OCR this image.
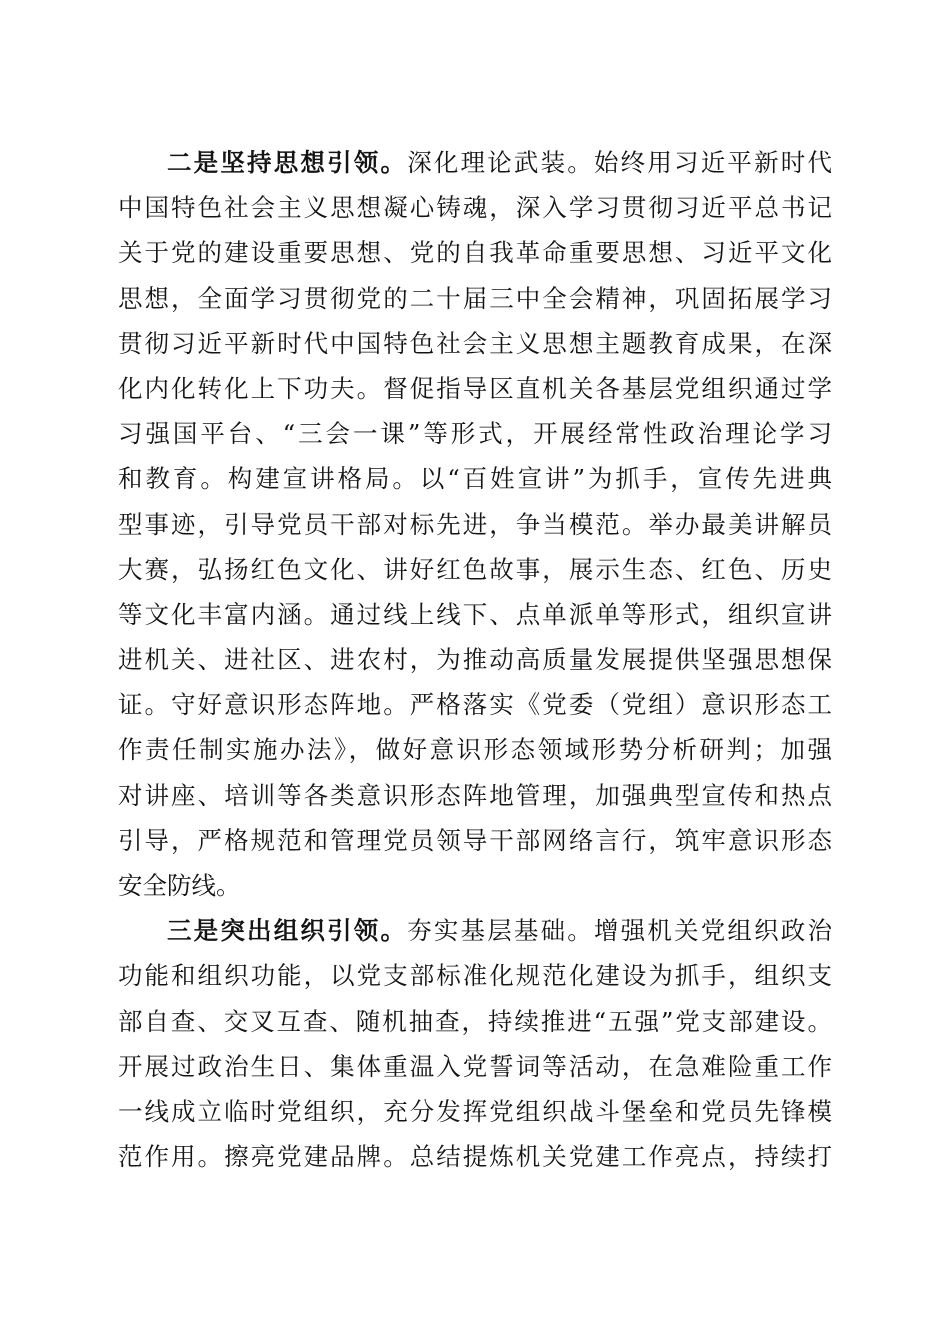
二是坚持思想引领。深化理论武装。始终用习近平新时代
中国特色社会主义思想凝心铸魂，深入学习贯彻习近平总书记
关于党的建设重要思想、党的自我革命重要思想、习近平文化
思想，全面学习贯彻党的二十届三中全会精神，巩固拓展学习
贯彻习近平新时代中国特色社会主义思想主题教育成果，在深
化内化转化上下功夫。督促指导区直机关各基层党组织通过学
习强国平台、“三会一课”等形式，开展经常性政治理论学习
和教育。构建宣讲格局。以“百姓宣讲”为抓手，宣传先进典
型事迹，引导党员干部对标先进，争当模范。举办最美讲解员
大赛，弘扬红色文化、讲好红色故事，展示生态、红色、历史
等文化丰富内涵。通过线上线下、点单派单等形式，组织宣讲
进机关、进社区、进农村，为推动高质量发展提供坚强思想保
证。守好意识形态阵地。严格落实《党委（党组）意识形态工
作责任制实施办法》，做好意识形态领域形势分析研判；加强
对讲座、培训等各类意识形态阵地管理，加强典型宣传和热点
引导，严格规范和管理党员领导干部网络言行，筑牢意识形态
安全防线。
三是突出组织引领。夯实基层基础。增强机关党组织政治
功能和组织功能，以党支部标准化规范化建设为抓手，组织支
部自查、交叉互查、随机抽查，持续推进“五强”党支部建设。
开展过政治生日、集体重温入党誓词等活动，在急难险重工作
一线成立临时党组织，充分发挥党组织战斗堡垒和党员先锋模
范作用。擦亮党建品牌。总结提炼机关党建工作亮点，持续打
